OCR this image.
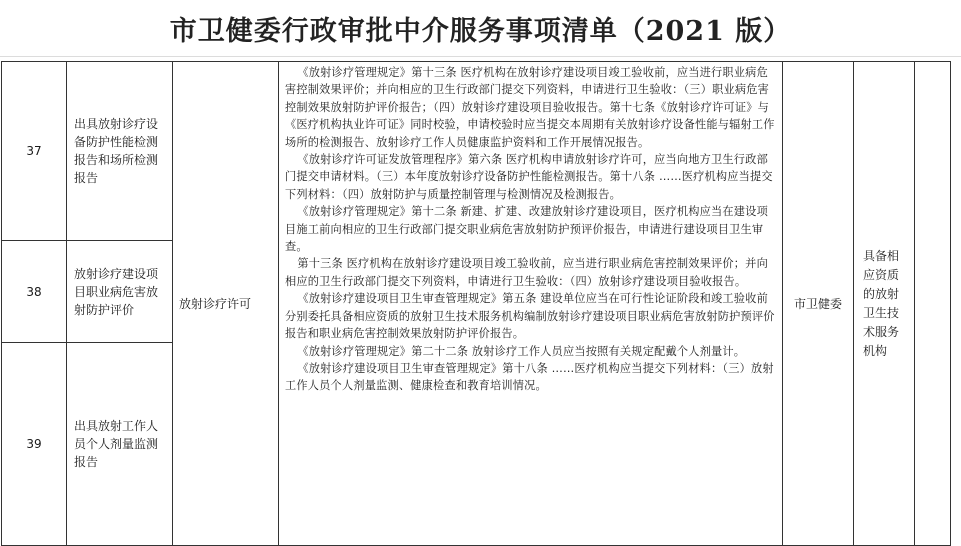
市卫健委行政审批中介服务事项清单（2021 版）
37
出具放射诊疗设备防护性能检测报告和场所检测报告
38
放射诊疗建设项目职业病危害放射防护评价
39
出具放射工作人员个人剂量监测报告
放射诊疗许可

《放射诊疗管理规定》第十三条 医疗机构在放射诊疗建设项目竣工验收前，应当进行职业病危害控制效果评价；并向相应的卫生行政部门提交下列资料，申请进行卫生验收：（三）职业病危害控制效果放射防护评价报告；（四）放射诊疗建设项目验收报告。第十七条《放射诊疗许可证》与《医疗机构执业许可证》同时校验，申请校验时应当提交本周期有关放射诊疗设备性能与辐射工作场所的检测报告、放射诊疗工作人员健康监护资料和工作开展情况报告。

《放射诊疗许可证发放管理程序》第六条 医疗机构申请放射诊疗许可，应当向地方卫生行政部门提交申请材料。（三）本年度放射诊疗设备防护性能检测报告。第十八条 ……医疗机构应当提交下列材料：（四）放射防护与质量控制管理与检测情况及检测报告。

《放射诊疗管理规定》第十二条 新建、扩建、改建放射诊疗建设项目，医疗机构应当在建设项目施工前向相应的卫生行政部门提交职业病危害放射防护预评价报告，申请进行建设项目卫生审查。

第十三条 医疗机构在放射诊疗建设项目竣工验收前，应当进行职业病危害控制效果评价；并向相应的卫生行政部门提交下列资料，申请进行卫生验收：（四）放射诊疗建设项目验收报告。

《放射诊疗建设项目卫生审查管理规定》第五条 建设单位应当在可行性论证阶段和竣工验收前分别委托具备相应资质的放射卫生技术服务机构编制放射诊疗建设项目职业病危害放射防护预评价报告和职业病危害控制效果放射防护评价报告。

《放射诊疗管理规定》第二十二条 放射诊疗工作人员应当按照有关规定配戴个人剂量计。

《放射诊疗建设项目卫生审查管理规定》第十八条 ……医疗机构应当提交下列材料：（三）放射工作人员个人剂量监测、健康检查和教育培训情况。

市卫健委
具备相应资质的放射卫生技术服务机构
